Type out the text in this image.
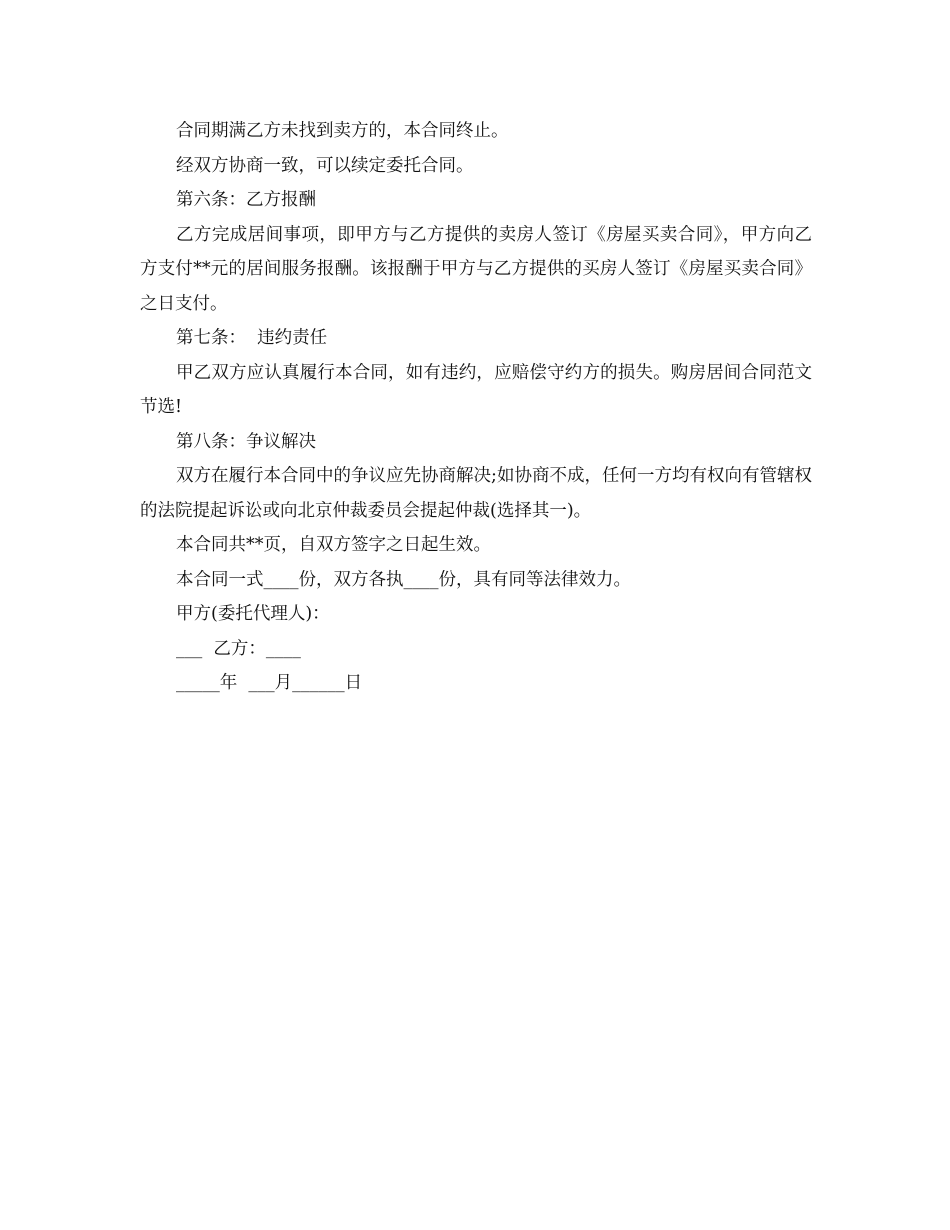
合同期满乙方未找到卖方的，本合同终止。

经双方协商一致，可以续定委托合同。

第六条：乙方报酬

乙方完成居间事项，即甲方与乙方提供的卖房人签订《房屋买卖合同》，甲方向乙方支付**元的居间服务报酬。该报酬于甲方与乙方提供的买房人签订《房屋买卖合同》之日支付。

第七条：  违约责任

甲乙双方应认真履行本合同，如有违约，应赔偿守约方的损失。购房居间合同范文节选!

第八条：争议解决

双方在履行本合同中的争议应先协商解决;如协商不成，任何一方均有权向有管辖权的法院提起诉讼或向北京仲裁委员会提起仲裁(选择其一)。

本合同共**页，自双方签字之日起生效。

本合同一式____份，双方各执____份，具有同等法律效力。

甲方(委托代理人)：

___  乙方：____

_____年  ___月______日
